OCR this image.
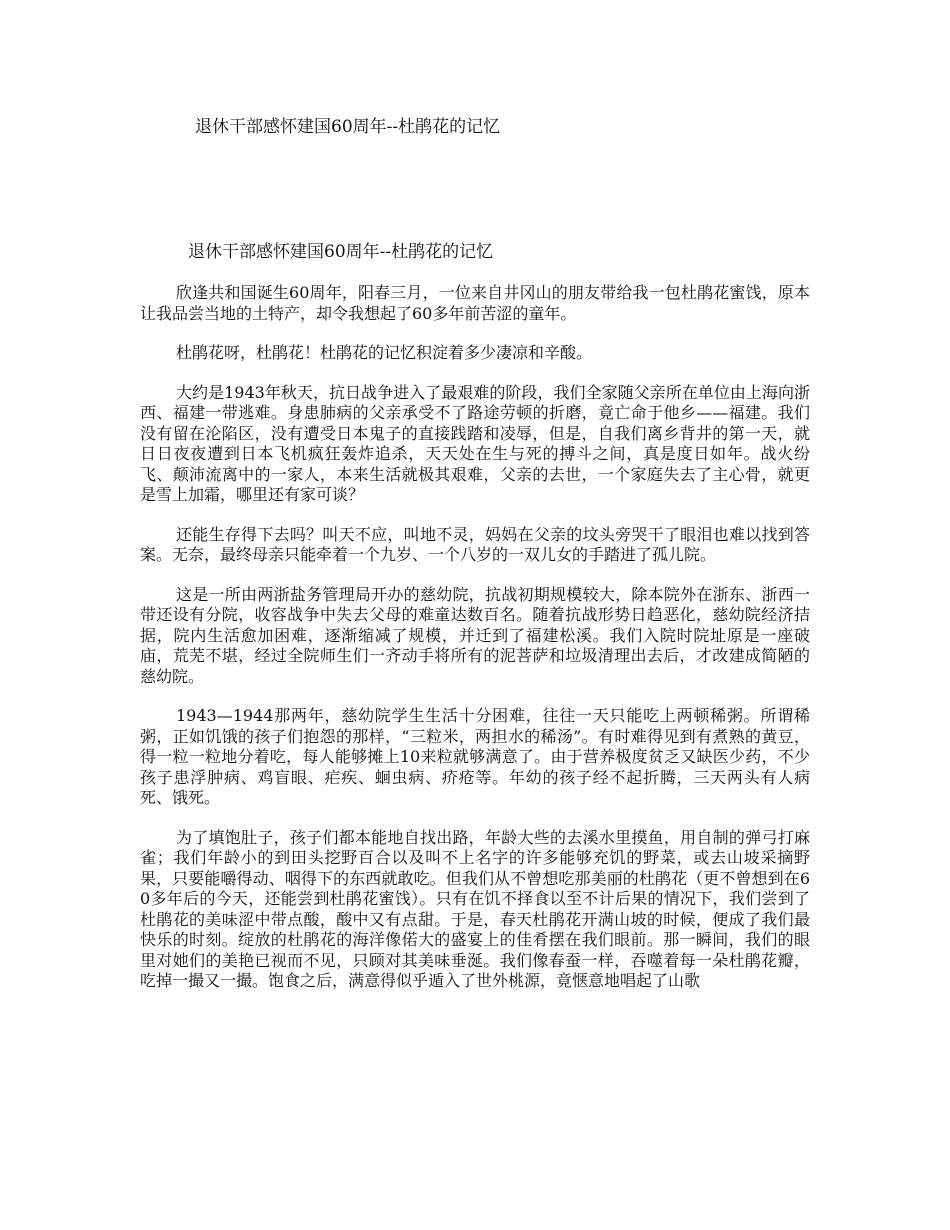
退休干部感怀建国60周年--杜鹃花的记忆
退休干部感怀建国60周年--杜鹃花的记忆

欣逢共和国诞生60周年，阳春三月，一位来自井冈山的朋友带给我一包杜鹃花蜜饯，原本让我品尝当地的土特产，却令我想起了60多年前苦涩的童年。

杜鹃花呀，杜鹃花！杜鹃花的记忆积淀着多少凄凉和辛酸。

大约是1943年秋天，抗日战争进入了最艰难的阶段，我们全家随父亲所在单位由上海向浙西、福建一带逃难。身患肺病的父亲承受不了路途劳顿的折磨，竟亡命于他乡——福建。我们没有留在沦陷区，没有遭受日本鬼子的直接践踏和凌辱，但是，自我们离乡背井的第一天，就日日夜夜遭到日本飞机疯狂轰炸追杀，天天处在生与死的搏斗之间，真是度日如年。战火纷飞、颠沛流离中的一家人，本来生活就极其艰难，父亲的去世，一个家庭失去了主心骨，就更是雪上加霜，哪里还有家可谈？

还能生存得下去吗？叫天不应，叫地不灵，妈妈在父亲的坟头旁哭干了眼泪也难以找到答案。无奈，最终母亲只能牵着一个九岁、一个八岁的一双儿女的手踏进了孤儿院。

这是一所由两浙盐务管理局开办的慈幼院，抗战初期规模较大，除本院外在浙东、浙西一带还设有分院，收容战争中失去父母的难童达数百名。随着抗战形势日趋恶化，慈幼院经济拮据，院内生活愈加困难，逐渐缩减了规模，并迁到了福建松溪。我们入院时院址原是一座破庙，荒芜不堪，经过全院师生们一齐动手将所有的泥菩萨和垃圾清理出去后，才改建成简陋的慈幼院。

1943—1944那两年，慈幼院学生生活十分困难，往往一天只能吃上两顿稀粥。所谓稀粥，正如饥饿的孩子们抱怨的那样，“三粒米，两担水的稀汤”。有时难得见到有煮熟的黄豆，得一粒一粒地分着吃，每人能够摊上10来粒就够满意了。由于营养极度贫乏又缺医少药，不少孩子患浮肿病、鸡盲眼、疟疾、蛔虫病、疥疮等。年幼的孩子经不起折腾，三天两头有人病死、饿死。

为了填饱肚子，孩子们都本能地自找出路，年龄大些的去溪水里摸鱼，用自制的弹弓打麻雀；我们年龄小的到田头挖野百合以及叫不上名字的许多能够充饥的野菜，或去山坡采摘野果，只要能嚼得动、咽得下的东西就敢吃。但我们从不曾想吃那美丽的杜鹃花（更不曾想到在60多年后的今天，还能尝到杜鹃花蜜饯）。只有在饥不择食以至不计后果的情况下，我们尝到了杜鹃花的美味涩中带点酸，酸中又有点甜。于是，春天杜鹃花开满山坡的时候，便成了我们最快乐的时刻。绽放的杜鹃花的海洋像偌大的盛宴上的佳肴摆在我们眼前。那一瞬间，我们的眼里对她们的美艳已视而不见，只顾对其美味垂涎。我们像春蚕一样，吞噬着每一朵杜鹃花瓣，吃掉一撮又一撮。饱食之后，满意得似乎遁入了世外桃源，竟惬意地唱起了山歌
